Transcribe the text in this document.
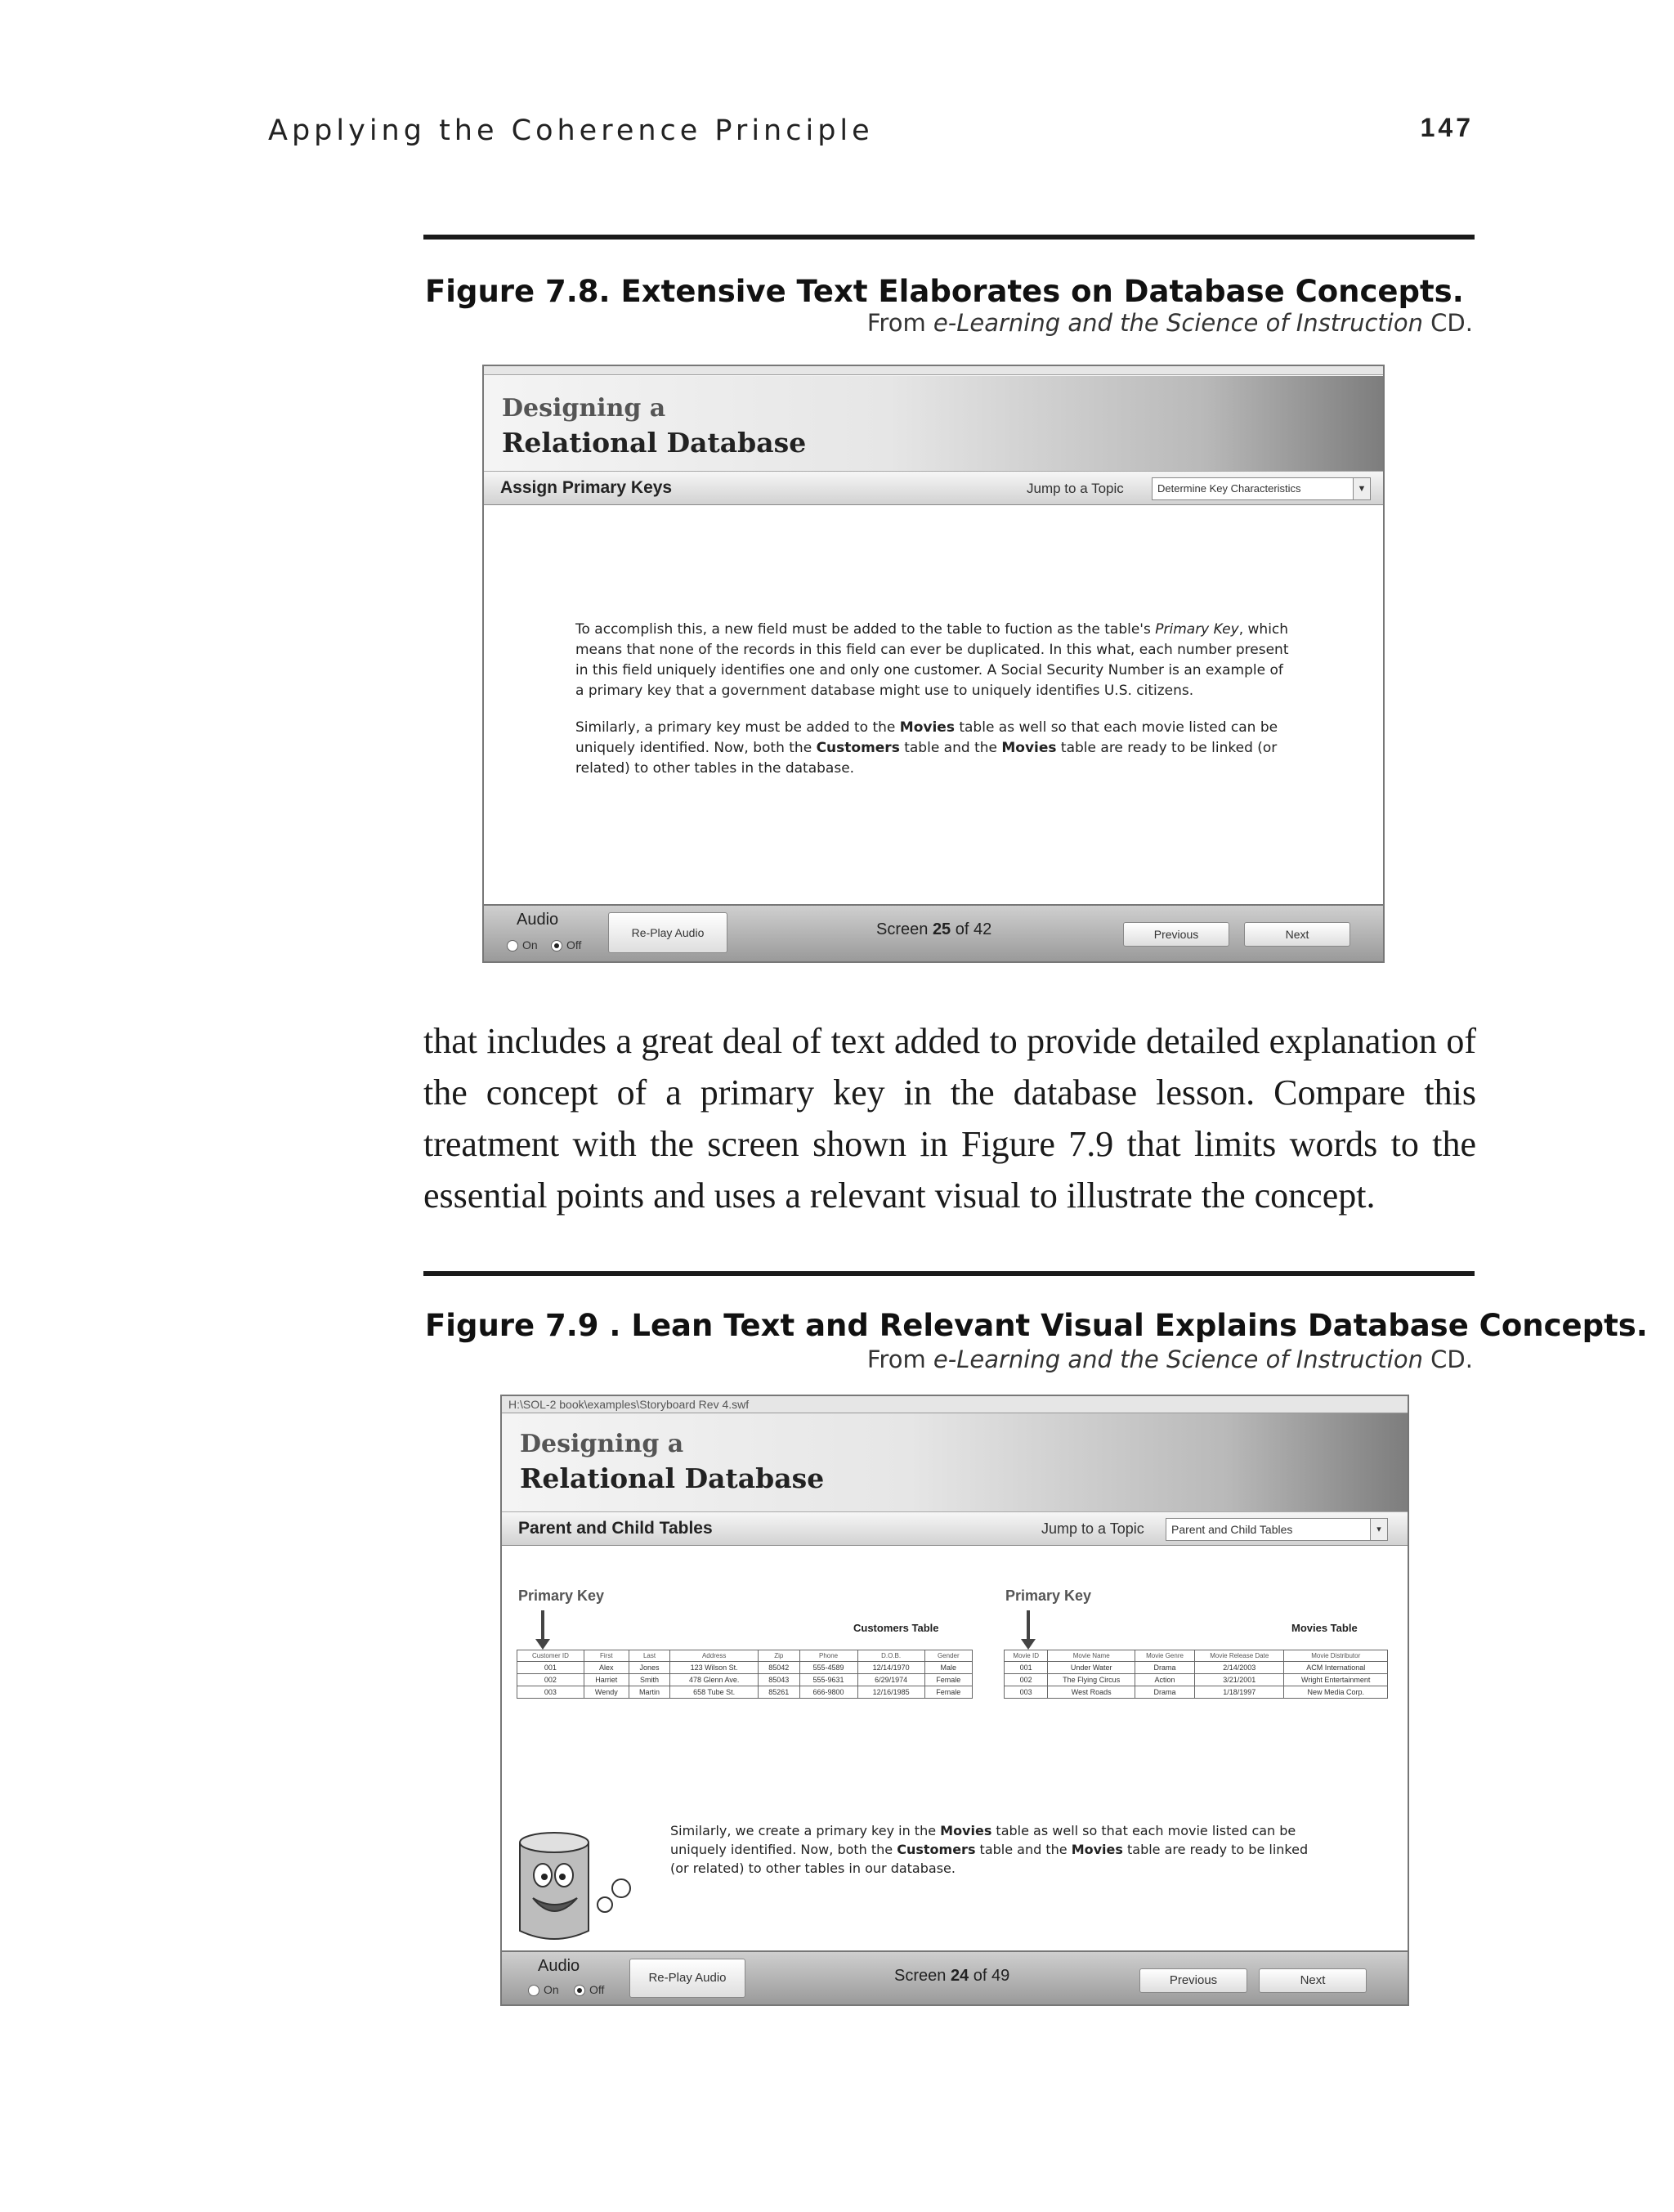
Applying the Coherence Principle	147
Figure 7.8. Extensive Text Elaborates on Database Concepts.
From e-Learning and the Science of Instruction CD.
Designing a
Relational Database
Assign Primary Keys	Jump to a Topic	Determine Key Characteristics	▼
To accomplish this, a new field must be added to the table to fuction as the table's Primary Key, which means that none of the records in this field can ever be duplicated. In this what, each number present in this field uniquely identifies one and only one customer. A Social Security Number is an example of a primary key that a government database might use to uniquely identifies U.S. citizens.
Similarly, a primary key must be added to the Movies table as well so that each movie listed can be uniquely identified. Now, both the Customers table and the Movies table are ready to be linked (or related) to other tables in the database.
Audio
On	Off
Re-Play Audio	Screen 25 of 42	Previous	Next
that includes a great deal of text added to provide detailed explanation of the concept of a primary key in the database lesson. Compare this treatment with the screen shown in Figure 7.9 that limits words to the essential points and uses a relevant visual to illustrate the concept.
Figure 7.9 . Lean Text and Relevant Visual Explains Database Concepts.
From e-Learning and the Science of Instruction CD.
H:\SOL-2 book\examples\Storyboard Rev 4.swf
Designing a
Relational Database
Parent and Child Tables	Jump to a Topic	Parent and Child Tables	▾
Primary Key
Customers Table
Customer ID	First	Last	Address	Zip	Phone	D.O.B.	Gender
001	Alex	Jones	123 Wilson St.	85042	555-4589	12/14/1970	Male
002	Harriet	Smith	478 Glenn Ave.	85043	555-9631	6/29/1974	Female
003	Wendy	Martin	658 Tube St.	85261	666-9800	12/16/1985	Female
Primary Key
Movies Table
Movie ID	Movie Name	Movie Genre	Movie Release Date	Movie Distributor
001	Under Water	Drama	2/14/2003	ACM International
002	The Flying Circus	Action	3/21/2001	Wright Entertainment
003	West Roads	Drama	1/18/1997	New Media Corp.
Similarly, we create a primary key in the Movies table as well so that each movie listed can be uniquely identified. Now, both the Customers table and the Movies table are ready to be linked (or related) to other tables in our database.
Audio
On	Off
Re-Play Audio	Screen 24 of 49	Previous	Next
